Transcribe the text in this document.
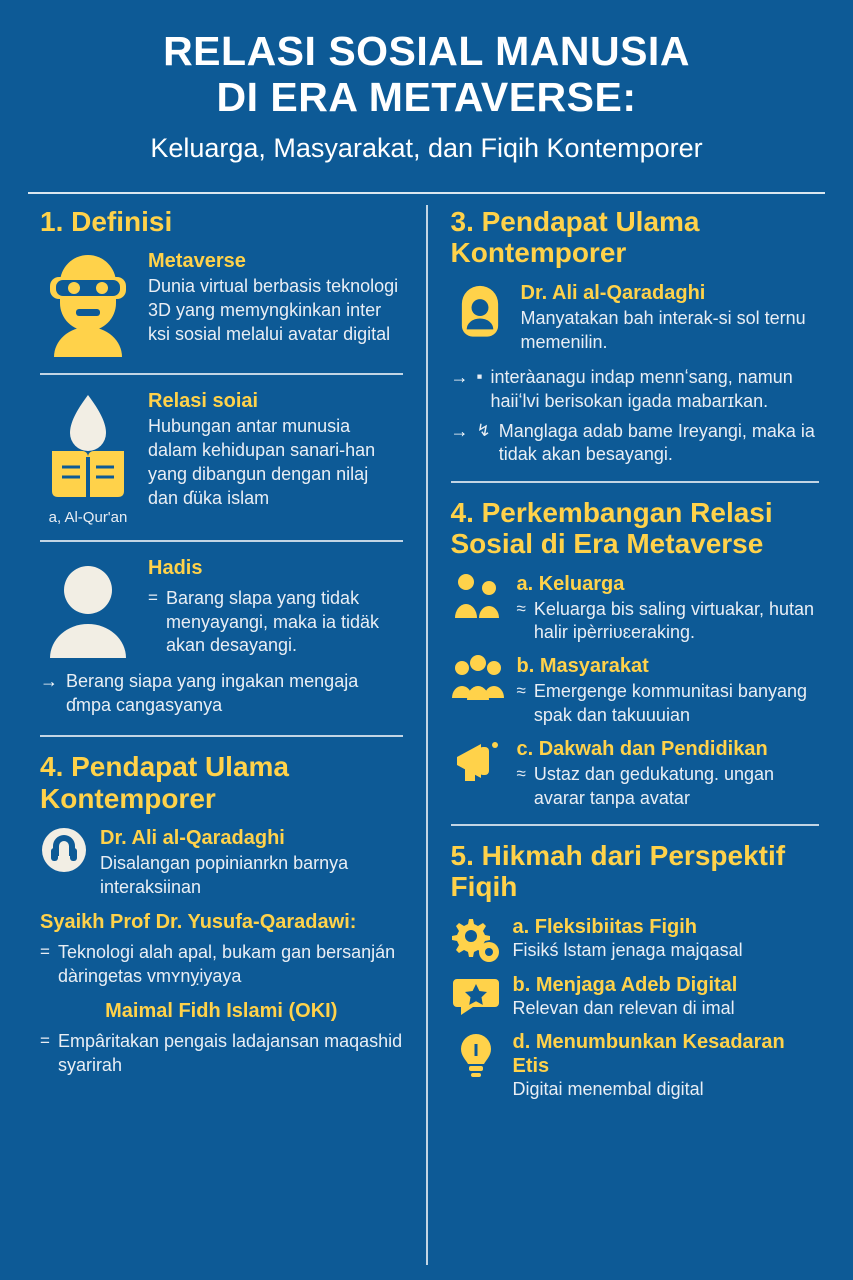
RELASI SOSIAL MANUSIA
DI ERA METAVERSE:
Keluarga, Masyarakat, dan Fiqih Kontemporer
1. Definisi
Metaverse
Dunia virtual berbasis teknologi 3D yang memyngkinkan inter ksi sosial melalui avatar digital
a, Al-Qur'an
Relasi soiai
Hubungan antar munusia dalam kehidupan sanari-han yang dibangun dengan nilaj dan ɗüka islam
Hadis
= Barang slapa yang tidak menyayangi, maka ia tidäk akan desayangi.
→ Berang siapa yang ingakan mengaja ɗmpa cangasyanya
4. Pendapat Ulama Kontemporer
Dr. Ali al-Qaradaghi
Disalangan popinianrkn barnya interaksiinan
Syaikh Prof Dr. Yusufa-Qaradawi:
= Teknologi alah apal, bukam ɡan bersanján dàringetas ᴠmʏnỵiyaya
Maimal Fidh Islami (OKI)
= Empâritakan pengais ladajansan maqashid syarirah
3. Pendapat Ulama Kontemporer
Dr. Ali al-Qaradaghi
Manyatakan bah interak-si sol ternu memenilin.
→ ▪ interàanagu indap mennʻsang, namun haiiʻlvi berisokan igada mabarɪkan.
→ ↯ Manglaga adab bame Ireyangi, maka ia tidak akan besayangi.
4. Perkembangan Relasi Sosial di Era Metaverse
a. Keluarga
≈ Keluarga bis saling virtuakar, hutan halir ipèrriᴜɛeraking.
b. Masyarakat
≈ Emergenge kommunitasi banyang spak dan takuuuian
c. Dakwah dan Pendidikan
≈ Ustaz dan gedukatung. ungan avarar tanpa avatar
5. Hikmah dari Perspektif Fiqih
a. Fleksibiitas Figih
Fisikś lstam jenaga majqasal
b. Menjaga Adeb Digital
Relevan dan relevan di imal
d. Menumbunkan Kesadaran Etis
Digitai menembal digital
